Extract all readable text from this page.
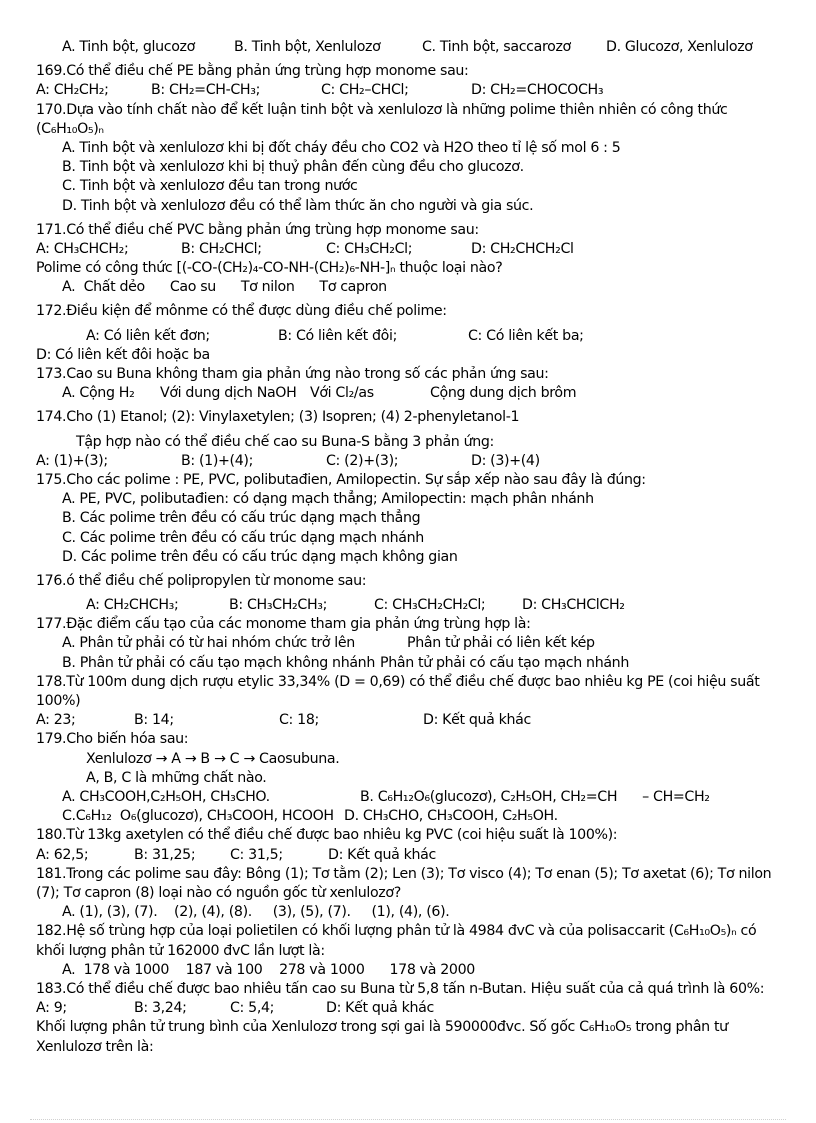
A. Tinh bột, glucozơ	B. Tinh bột, Xenlulozơ	C. Tinh bột, saccarozơ D. Glucozơ, Xenlulozơ
169.Có thể điều chế PE bằng phản ứng trùng hợp monome sau:
A: CH₂CH₂;	B: CH₂=CH-CH₃;	C: CH₂–CHCl;	D: CH₂=CHOCOCH₃
170.Dựa vào tính chất nào để kết luận tinh bột và xenlulozơ là những polime thiên nhiên có công thức (C₆H₁₀O₅)ₙ
A. Tinh bột và xenlulozơ khi bị đốt cháy đều cho CO2 và H2O theo tỉ lệ số mol 6 : 5
B. Tinh bột và xenlulozơ khi bị thuỷ phân đến cùng đều cho glucozơ.
C. Tinh bột và xenlulozơ đều tan trong nước
D. Tinh bột và xenlulozơ đều có thể làm thức ăn cho người và gia súc.
171.Có thể điều chế PVC bằng phản ứng trùng hợp monome sau:
A: CH₃CHCH₂;	B: CH₂CHCl;	C: CH₃CH₂Cl;	D: CH₂CHCH₂Cl
Polime có công thức [(-CO-(CH₂)₄-CO-NH-(CH₂)₆-NH-]ₙ thuộc loại nào?
A.  Chất dẻo      Cao su      Tơ nilon      Tơ capron
172.Điều kiện để mônme có thể được dùng điều chế polime:
A: Có liên kết đơn;	B: Có liên kết đôi;	C: Có liên kết ba;
D: Có liên kết đôi hoặc ba
173.Cao su Buna không tham gia phản ứng nào trong số các phản ứng sau:
A. Cộng H₂ Với dung dịch NaOH Với Cl₂/as	Cộng dung dịch brôm
174.Cho (1) Etanol; (2): Vinylaxetylen; (3) Isopren; (4) 2-phenyletanol-1
Tập hợp nào có thể điều chế cao su Buna-S bằng 3 phản ứng:
A: (1)+(3);	B: (1)+(4);	C: (2)+(3);	D: (3)+(4)
175.Cho các polime : PE, PVC, polibutađien, Amilopectin. Sự sắp xếp nào sau đây là đúng:
A. PE, PVC, polibutađien: có dạng mạch thẳng; Amilopectin: mạch phân nhánh
B. Các polime trên đều có cấu trúc dạng mạch thẳng
C. Các polime trên đều có cấu trúc dạng mạch nhánh
D. Các polime trên đều có cấu trúc dạng mạch không gian
176.ó thể điều chế polipropylen từ monome sau:
A: CH₂CHCH₃;	B: CH₃CH₂CH₃;	C: CH₃CH₂CH₂Cl;	D: CH₃CHClCH₂
177.Đặc điểm cấu tạo của các monome tham gia phản ứng trùng hợp là:
A. Phân tử phải có từ hai nhóm chức trở lên	Phân tử phải có liên kết kép
B. Phân tử phải có cấu tạo mạch không nhánh Phân tử phải có cấu tạo mạch nhánh
178.Từ 100m dung dịch rượu etylic 33,34% (D = 0,69) có thể điều chế được bao nhiêu kg PE (coi hiệu suất 100%)
A: 23;	B: 14;	C: 18;	D: Kết quả khác
179.Cho biến hóa sau:
Xenlulozơ → A → B → C → Caosubuna.
A, B, C là mhững chất nào.
A. CH₃COOH,C₂H₅OH, CH₃CHO.	B. C₆H₁₂O₆(glucozơ), C₂H₅OH, CH₂=CH      – CH=CH₂
C.C₆H₁₂  O₆(glucozơ), CH₃COOH, HCOOH D. CH₃CHO, CH₃COOH, C₂H₅OH.
180.Từ 13kg axetylen có thể điều chế được bao nhiêu kg PVC (coi hiệu suất là 100%):
A: 62,5;	B: 31,25; C: 31,5;	D: Kết quả khác
181.Trong các polime sau đây: Bông (1); Tơ tằm (2); Len (3); Tơ visco (4); Tơ enan (5); Tơ axetat (6); Tơ nilon (7); Tơ capron (8) loại nào có nguồn gốc từ xenlulozơ?
A. (1), (3), (7).    (2), (4), (8).     (3), (5), (7).     (1), (4), (6).
182.Hệ số trùng hợp của loại polietilen có khối lượng phân tử là 4984 đvC và của polisaccarit (C₆H₁₀O₅)ₙ có khối lượng phân tử 162000 đvC lần lượt là:
A.  178 và 1000    187 và 100    278 và 1000      178 và 2000
183.Có thể điều chế được bao nhiêu tấn cao su Buna từ 5,8 tấn n-Butan. Hiệu suất của cả quá trình là 60%:
A: 9;	B: 3,24;	C: 5,4;	D: Kết quả khác
Khối lượng phân tử trung bình của Xenlulozơ trong sợi gai là 590000đvc. Số gốc C₆H₁₀O₅ trong phân tư Xenlulozơ trên là:
